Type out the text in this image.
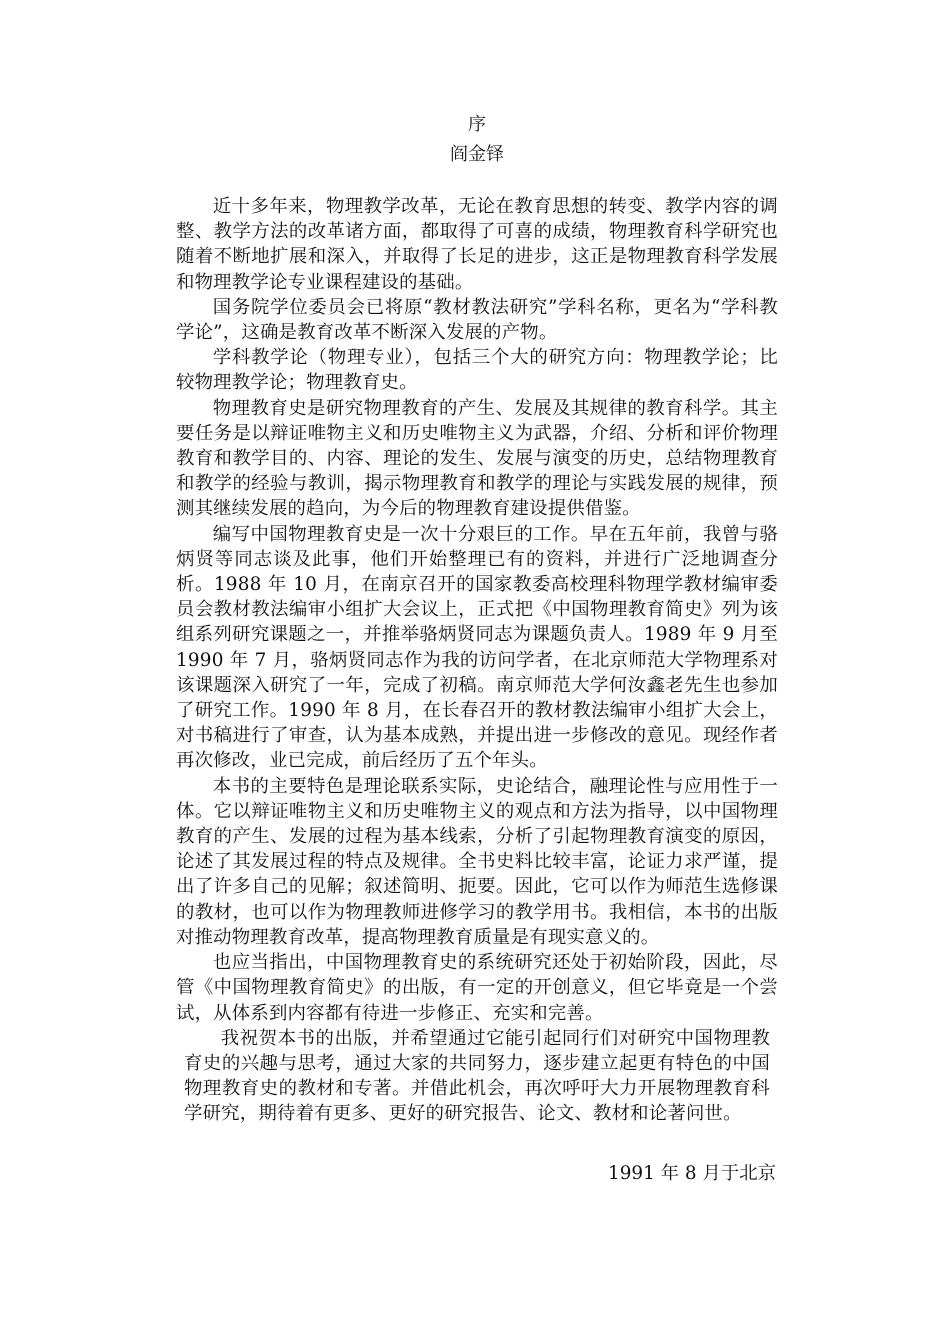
序
阎金铎

近十多年来，物理教学改革，无论在教育思想的转变、教学内容的调整、教学方法的改革诸方面，都取得了可喜的成绩，物理教育科学研究也随着不断地扩展和深入，并取得了长足的进步，这正是物理教育科学发展和物理教学论专业课程建设的基础。

国务院学位委员会已将原“教材教法研究”学科名称，更名为“学科教学论”，这确是教育改革不断深入发展的产物。

学科教学论（物理专业），包括三个大的研究方向：物理教学论；比较物理教学论；物理教育史。

物理教育史是研究物理教育的产生、发展及其规律的教育科学。其主要任务是以辩证唯物主义和历史唯物主义为武器，介绍、分析和评价物理教育和教学目的、内容、理论的发生、发展与演变的历史，总结物理教育和教学的经验与教训，揭示物理教育和教学的理论与实践发展的规律，预测其继续发展的趋向，为今后的物理教育建设提供借鉴。

编写中国物理教育史是一次十分艰巨的工作。早在五年前，我曾与骆炳贤等同志谈及此事，他们开始整理已有的资料，并进行广泛地调查分析。1988 年 10 月，在南京召开的国家教委高校理科物理学教材编审委员会教材教法编审小组扩大会议上，正式把《中国物理教育简史》列为该组系列研究课题之一，并推举骆炳贤同志为课题负责人。1989 年 9 月至 1990 年 7 月，骆炳贤同志作为我的访问学者，在北京师范大学物理系对该课题深入研究了一年，完成了初稿。南京师范大学何汝鑫老先生也参加了研究工作。1990 年 8 月，在长春召开的教材教法编审小组扩大会上，对书稿进行了审查，认为基本成熟，并提出进一步修改的意见。现经作者再次修改，业已完成，前后经历了五个年头。

本书的主要特色是理论联系实际，史论结合，融理论性与应用性于一体。它以辩证唯物主义和历史唯物主义的观点和方法为指导，以中国物理教育的产生、发展的过程为基本线索，分析了引起物理教育演变的原因，论述了其发展过程的特点及规律。全书史料比较丰富，论证力求严谨，提出了许多自己的见解；叙述简明、扼要。因此，它可以作为师范生选修课的教材，也可以作为物理教师进修学习的教学用书。我相信，本书的出版对推动物理教育改革，提高物理教育质量是有现实意义的。

也应当指出，中国物理教育史的系统研究还处于初始阶段，因此，尽管《中国物理教育简史》的出版，有一定的开创意义，但它毕竟是一个尝试，从体系到内容都有待进一步修正、充实和完善。

我祝贺本书的出版，并希望通过它能引起同行们对研究中国物理教育史的兴趣与思考，通过大家的共同努力，逐步建立起更有特色的中国物理教育史的教材和专著。并借此机会，再次呼吁大力开展物理教育科学研究，期待着有更多、更好的研究报告、论文、教材和论著问世。

1991 年 8 月于北京
